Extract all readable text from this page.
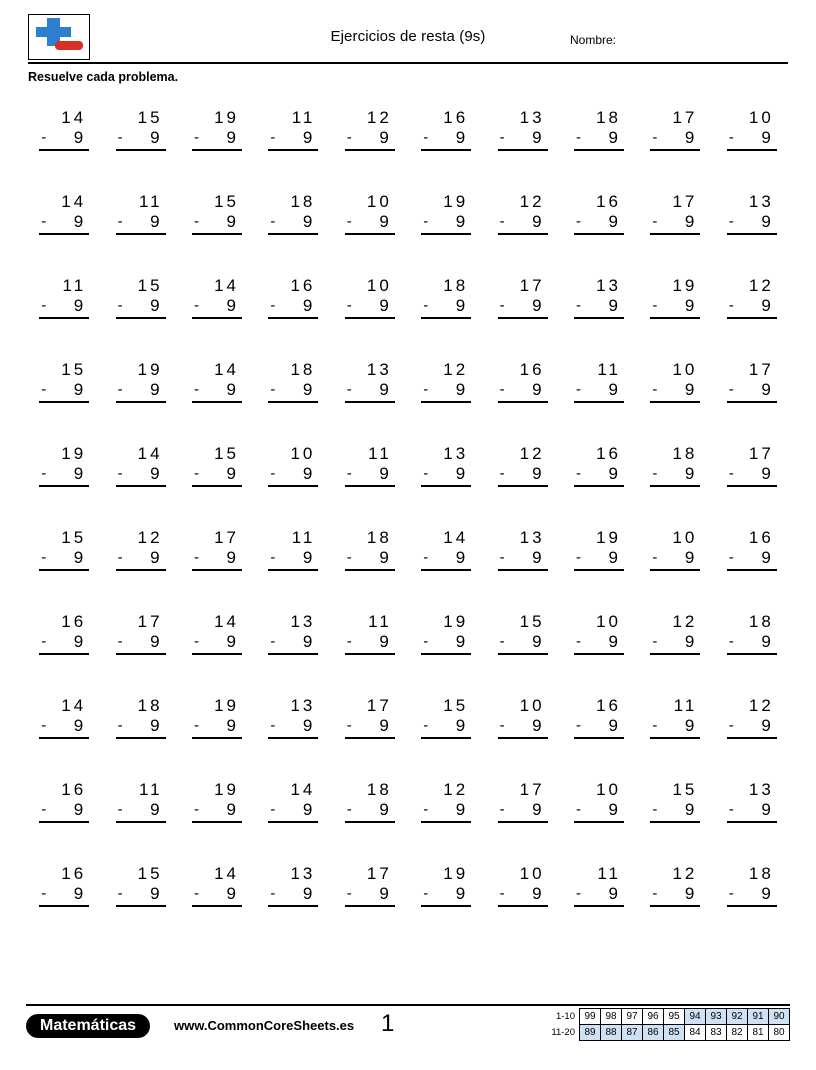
Ejercicios de resta (9s)	Nombre:
Resuelve cada problema.
14
- 9
15
- 9
19
- 9
11
- 9
12
- 9
16
- 9
13
- 9
18
- 9
17
- 9
10
- 9
14
- 9
11
- 9
15
- 9
18
- 9
10
- 9
19
- 9
12
- 9
16
- 9
17
- 9
13
- 9
11
- 9
15
- 9
14
- 9
16
- 9
10
- 9
18
- 9
17
- 9
13
- 9
19
- 9
12
- 9
15
- 9
19
- 9
14
- 9
18
- 9
13
- 9
12
- 9
16
- 9
11
- 9
10
- 9
17
- 9
19
- 9
14
- 9
15
- 9
10
- 9
11
- 9
13
- 9
12
- 9
16
- 9
18
- 9
17
- 9
15
- 9
12
- 9
17
- 9
11
- 9
18
- 9
14
- 9
13
- 9
19
- 9
10
- 9
16
- 9
16
- 9
17
- 9
14
- 9
13
- 9
11
- 9
19
- 9
15
- 9
10
- 9
12
- 9
18
- 9
14
- 9
18
- 9
19
- 9
13
- 9
17
- 9
15
- 9
10
- 9
16
- 9
11
- 9
12
- 9
16
- 9
11
- 9
19
- 9
14
- 9
18
- 9
12
- 9
17
- 9
10
- 9
15
- 9
13
- 9
16
- 9
15
- 9
14
- 9
13
- 9
17
- 9
19
- 9
10
- 9
11
- 9
12
- 9
18
- 9
Matemáticas	www.CommonCoreSheets.es 1	1-10	99	98	97	96	95	94	93	92	91	90
11-20	89	88	87	86	85	84	83	82	81	80
